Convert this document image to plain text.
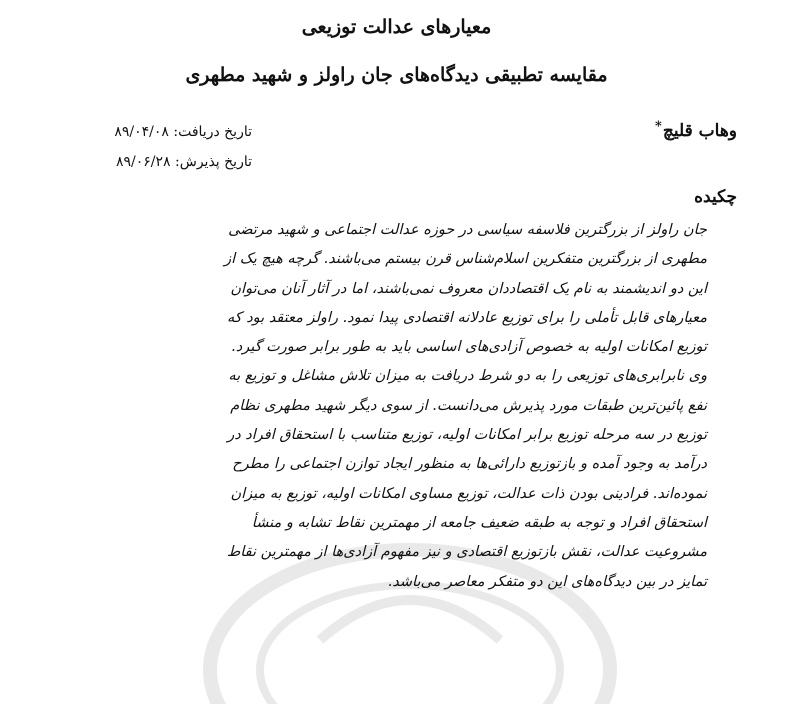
معیارهای عدالت توزیعی
مقایسه تطبیقی دیدگاه‌های جان راولز و شهید مطهری
وهاب قلیچ*
تاریخ دریافت: ۸۹/۰۴/۰۸
تاریخ پذیرش: ۸۹/۰۶/۲۸
چکیده
جان راولز از بزرگترین فلاسفه سیاسی در حوزه عدالت اجتماعی و شهید مرتضی
مطهری از بزرگترین متفکرین اسلام‌شناس قرن بیستم می‌باشند. گرچه هیچ یک از
این دو اندیشمند به نام یک اقتصاددان معروف نمی‌باشند، اما در آثار آنان می‌توان
معیارهای قابل تأملی را برای توزیع عادلانه اقتصادی پیدا نمود. راولز معتقد بود که
توزیع امکانات اولیه به خصوص آزادی‌های اساسی باید به طور برابر صورت گیرد.
وی نابرابری‌های توزیعی را به دو شرط دریافت به میزان تلاش مشاغل و توزیع به
نفع پائین‌ترین طبقات مورد پذیرش می‌دانست. از سوی دیگر شهید مطهری نظام
توزیع در سه مرحله توزیع برابر امکانات اولیه، توزیع متناسب با استحقاق افراد در
درآمد به وجود آمده و بازتوزیع دارائی‌ها به منظور ایجاد توازن اجتماعی را مطرح
نموده‌اند. فرادینی بودن ذات عدالت، توزیع مساوی امکانات اولیه، توزیع به میزان
استحقاق افراد و توجه به طبقه ضعیف جامعه از مهمترین نقاط تشابه و منشأ
مشروعیت عدالت، نقش بازتوزیع اقتصادی و نیز مفهوم آزادی‌ها از مهمترین نقاط
تمایز در بین دیدگاه‌های این دو متفکر معاصر می‌باشد.
